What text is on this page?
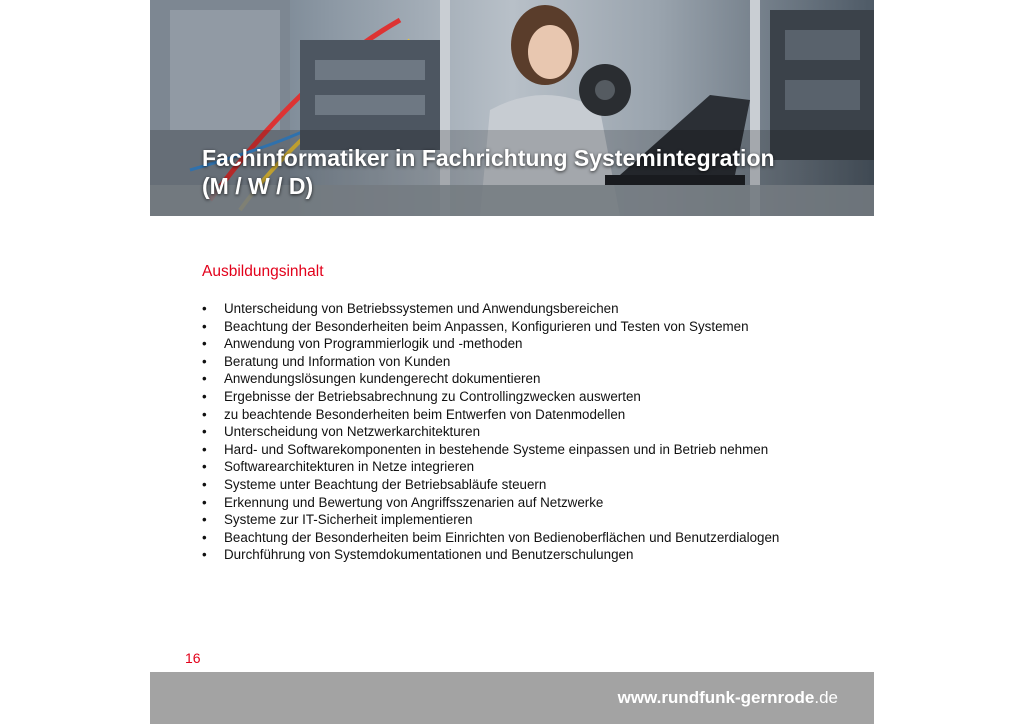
Fachinformatiker in Fachrichtung Systemintegration
(M / W / D)
Ausbildungsinhalt
• Unterscheidung von Betriebssystemen und Anwendungsbereichen
• Beachtung der Besonderheiten beim Anpassen, Konfigurieren und Testen von Systemen
• Anwendung von Programmierlogik und -methoden
• Beratung und Information von Kunden
• Anwendungslösungen kundengerecht dokumentieren
• Ergebnisse der Betriebsabrechnung zu Controllingzwecken auswerten
• zu beachtende Besonderheiten beim Entwerfen von Datenmodellen
• Unterscheidung von Netzwerkarchitekturen
• Hard- und Softwarekomponenten in bestehende Systeme einpassen und in Betrieb nehmen
• Softwarearchitekturen in Netze integrieren
• Systeme unter Beachtung der Betriebsabläufe steuern
• Erkennung und Bewertung von Angriffsszenarien auf Netzwerke
• Systeme zur IT-Sicherheit implementieren
• Beachtung der Besonderheiten beim Einrichten von Bedienoberflächen und Benutzerdialogen
• Durchführung von Systemdokumentationen und Benutzerschulungen
16
www.rundfunk-gernrode.de
